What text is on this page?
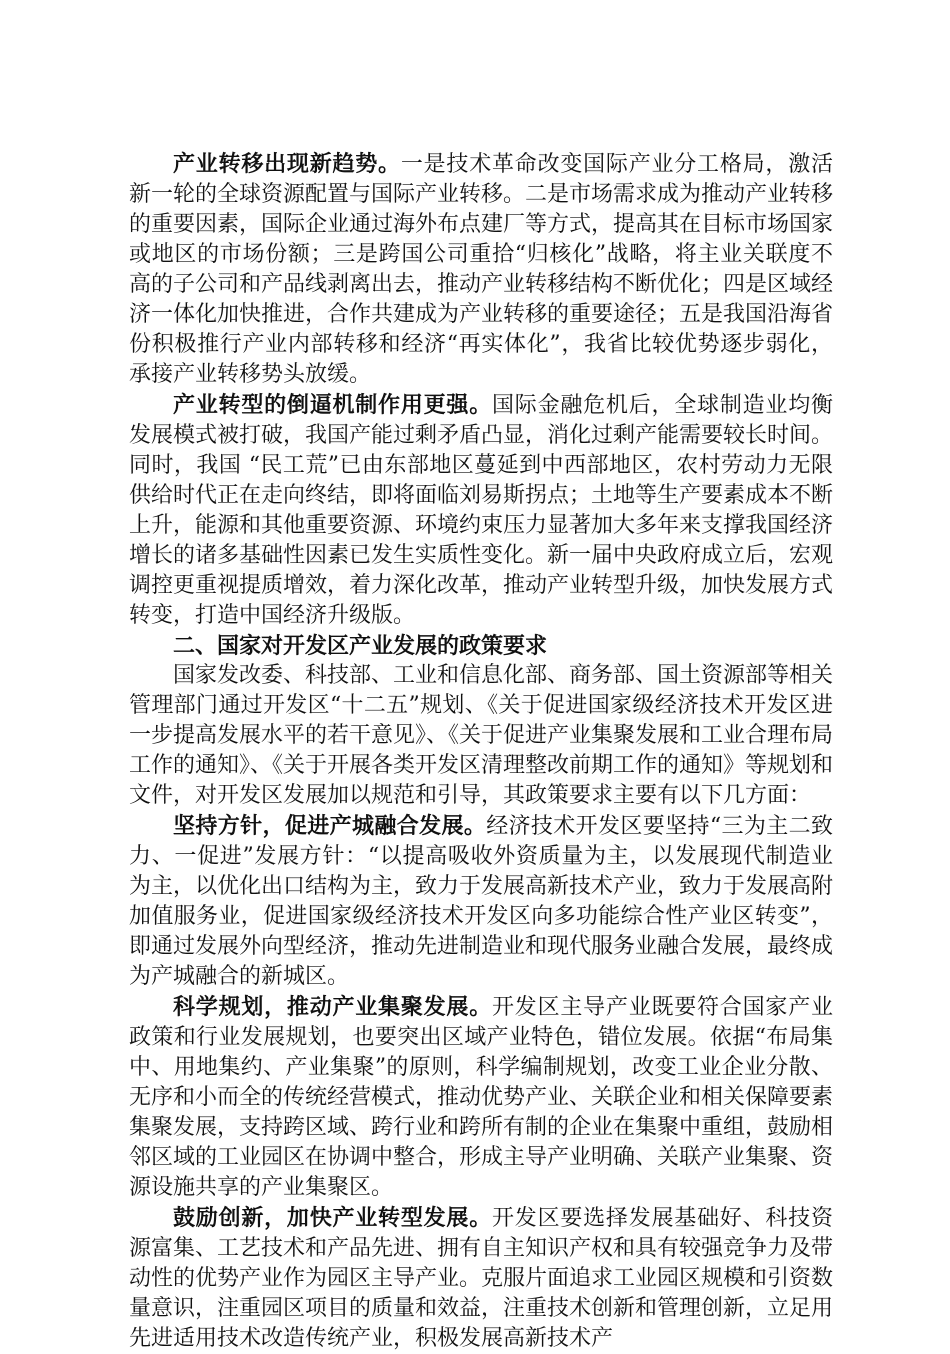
产业转移出现新趋势。一是技术革命改变国际产业分工格局，激活新一轮的全球资源配置与国际产业转移。二是市场需求成为推动产业转移的重要因素，国际企业通过海外布点建厂等方式，提高其在目标市场国家或地区的市场份额；三是跨国公司重拾“归核化”战略，将主业关联度不高的子公司和产品线剥离出去，推动产业转移结构不断优化；四是区域经济一体化加快推进，合作共建成为产业转移的重要途径；五是我国沿海省份积极推行产业内部转移和经济“再实体化”，我省比较优势逐步弱化，承接产业转移势头放缓。

产业转型的倒逼机制作用更强。国际金融危机后，全球制造业均衡发展模式被打破，我国产能过剩矛盾凸显，消化过剩产能需要较长时间。同时，我国 “民工荒”已由东部地区蔓延到中西部地区，农村劳动力无限供给时代正在走向终结，即将面临刘易斯拐点；土地等生产要素成本不断上升，能源和其他重要资源、环境约束压力显著加大多年来支撑我国经济增长的诸多基础性因素已发生实质性变化。新一届中央政府成立后，宏观调控更重视提质增效，着力深化改革，推动产业转型升级，加快发展方式转变，打造中国经济升级版。

二、国家对开发区产业发展的政策要求

国家发改委、科技部、工业和信息化部、商务部、国土资源部等相关管理部门通过开发区“十二五”规划、《关于促进国家级经济技术开发区进一步提高发展水平的若干意见》、《关于促进产业集聚发展和工业合理布局工作的通知》、《关于开展各类开发区清理整改前期工作的通知》等规划和文件，对开发区发展加以规范和引导，其政策要求主要有以下几方面：

坚持方针，促进产城融合发展。经济技术开发区要坚持“三为主二致力、一促进”发展方针：“以提高吸收外资质量为主，以发展现代制造业为主，以优化出口结构为主，致力于发展高新技术产业，致力于发展高附加值服务业，促进国家级经济技术开发区向多功能综合性产业区转变”，即通过发展外向型经济，推动先进制造业和现代服务业融合发展，最终成为产城融合的新城区。

科学规划，推动产业集聚发展。开发区主导产业既要符合国家产业政策和行业发展规划，也要突出区域产业特色，错位发展。依据“布局集中、用地集约、产业集聚”的原则，科学编制规划，改变工业企业分散、无序和小而全的传统经营模式，推动优势产业、关联企业和相关保障要素集聚发展，支持跨区域、跨行业和跨所有制的企业在集聚中重组，鼓励相邻区域的工业园区在协调中整合，形成主导产业明确、关联产业集聚、资源设施共享的产业集聚区。

鼓励创新，加快产业转型发展。开发区要选择发展基础好、科技资源富集、工艺技术和产品先进、拥有自主知识产权和具有较强竞争力及带动性的优势产业作为园区主导产业。克服片面追求工业园区规模和引资数量意识，注重园区项目的质量和效益，注重技术创新和管理创新，立足用先进适用技术改造传统产业，积极发展高新技术产
